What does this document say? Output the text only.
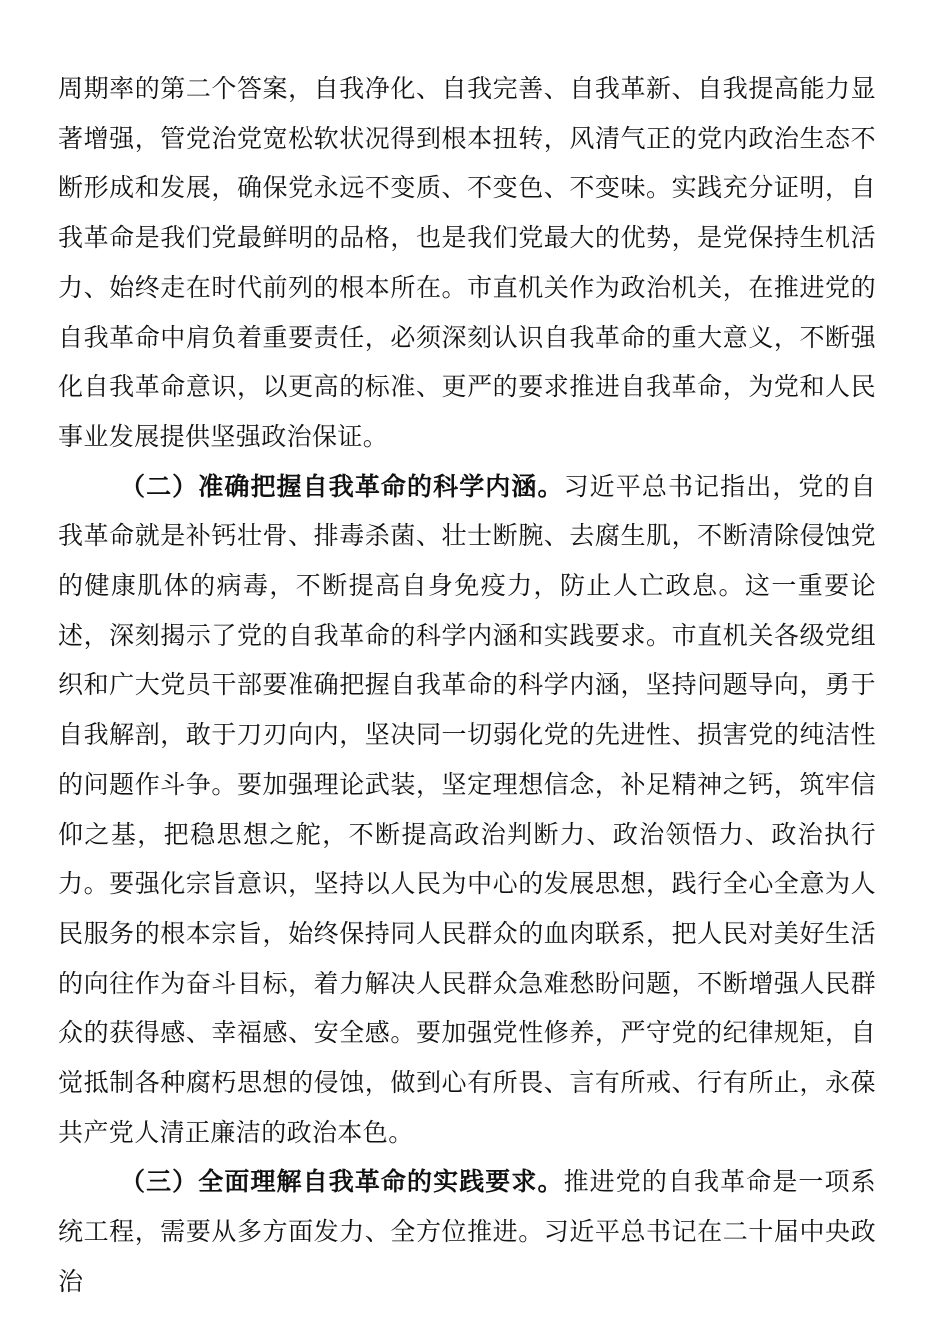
周期率的第二个答案，自我净化、自我完善、自我革新、自我提高能力显著增强，管党治党宽松软状况得到根本扭转，风清气正的党内政治生态不断形成和发展，确保党永远不变质、不变色、不变味。实践充分证明，自我革命是我们党最鲜明的品格，也是我们党最大的优势，是党保持生机活力、始终走在时代前列的根本所在。市直机关作为政治机关，在推进党的自我革命中肩负着重要责任，必须深刻认识自我革命的重大意义，不断强化自我革命意识，以更高的标准、更严的要求推进自我革命，为党和人民事业发展提供坚强政治保证。

（二）准确把握自我革命的科学内涵。习近平总书记指出，党的自我革命就是补钙壮骨、排毒杀菌、壮士断腕、去腐生肌，不断清除侵蚀党的健康肌体的病毒，不断提高自身免疫力，防止人亡政息。这一重要论述，深刻揭示了党的自我革命的科学内涵和实践要求。市直机关各级党组织和广大党员干部要准确把握自我革命的科学内涵，坚持问题导向，勇于自我解剖，敢于刀刃向内，坚决同一切弱化党的先进性、损害党的纯洁性的问题作斗争。要加强理论武装，坚定理想信念，补足精神之钙，筑牢信仰之基，把稳思想之舵，不断提高政治判断力、政治领悟力、政治执行力。要强化宗旨意识，坚持以人民为中心的发展思想，践行全心全意为人民服务的根本宗旨，始终保持同人民群众的血肉联系，把人民对美好生活的向往作为奋斗目标，着力解决人民群众急难愁盼问题，不断增强人民群众的获得感、幸福感、安全感。要加强党性修养，严守党的纪律规矩，自觉抵制各种腐朽思想的侵蚀，做到心有所畏、言有所戒、行有所止，永葆共产党人清正廉洁的政治本色。

（三）全面理解自我革命的实践要求。推进党的自我革命是一项系统工程，需要从多方面发力、全方位推进。习近平总书记在二十届中央政治
